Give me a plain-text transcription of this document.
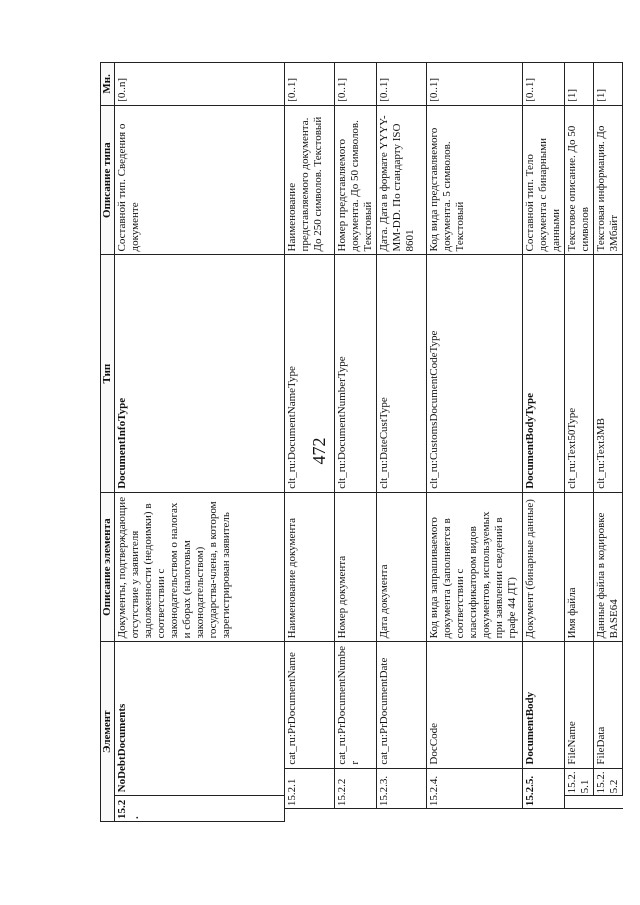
472
Элемент				Описание элемента	Тип	Описание типа	Мн.
15.2.		NoDebtDocuments		Документы, подтверждающие отсутствие у заявителя задолженности (недоимки) в соответствии с законодательством о налогах и сборах (налоговым законодательством) государства-члена, в котором зарегистрирован заявитель	DocumentInfoType	Составной тип. Сведения о документе	[0..n]
	15.2.1		cat_ru:PrDocumentName	Наименование документа	clt_ru:DocumentNameType	Наименование представляемого документа. До 250 символов. Текстовый	[0..1]
	15.2.2		cat_ru:PrDocumentNumber	Номер документа	clt_ru:DocumentNumberType	Номер представляемого документа. До 50 символов. Текстовый	[0..1]
	15.2.3.		cat_ru:PrDocumentDate	Дата документа	clt_ru:DateCustType	Дата. Дата в формате YYYY-MM-DD. По стандарту ISO 8601	[0..1]
	15.2.4.		DocCode	Код вида запрашиваемого документа (заполняется в соответствии с классификатором видов документов, используемых при заявлении сведений в графе 44 ДТ)	clt_ru:CustomsDocumentCodeType	Код вида представляемого документа. 5 символов. Текстовый	[0..1]
	15.2.5.		DocumentBody	Документ (бинарные данные)	DocumentBodyType	Составной тип. Тело документа с бинарными данными	[0..1]
		15.2.5.1	FileName	Имя файла	clt_ru:Text50Type	Текстовое описание. До 50 символов	[1]
		15.2.5.2	FileData	Данные файла в кодировке BASE64	clt_ru:Text3MB	Текстовая информация. До 3Мбайт	[1]
